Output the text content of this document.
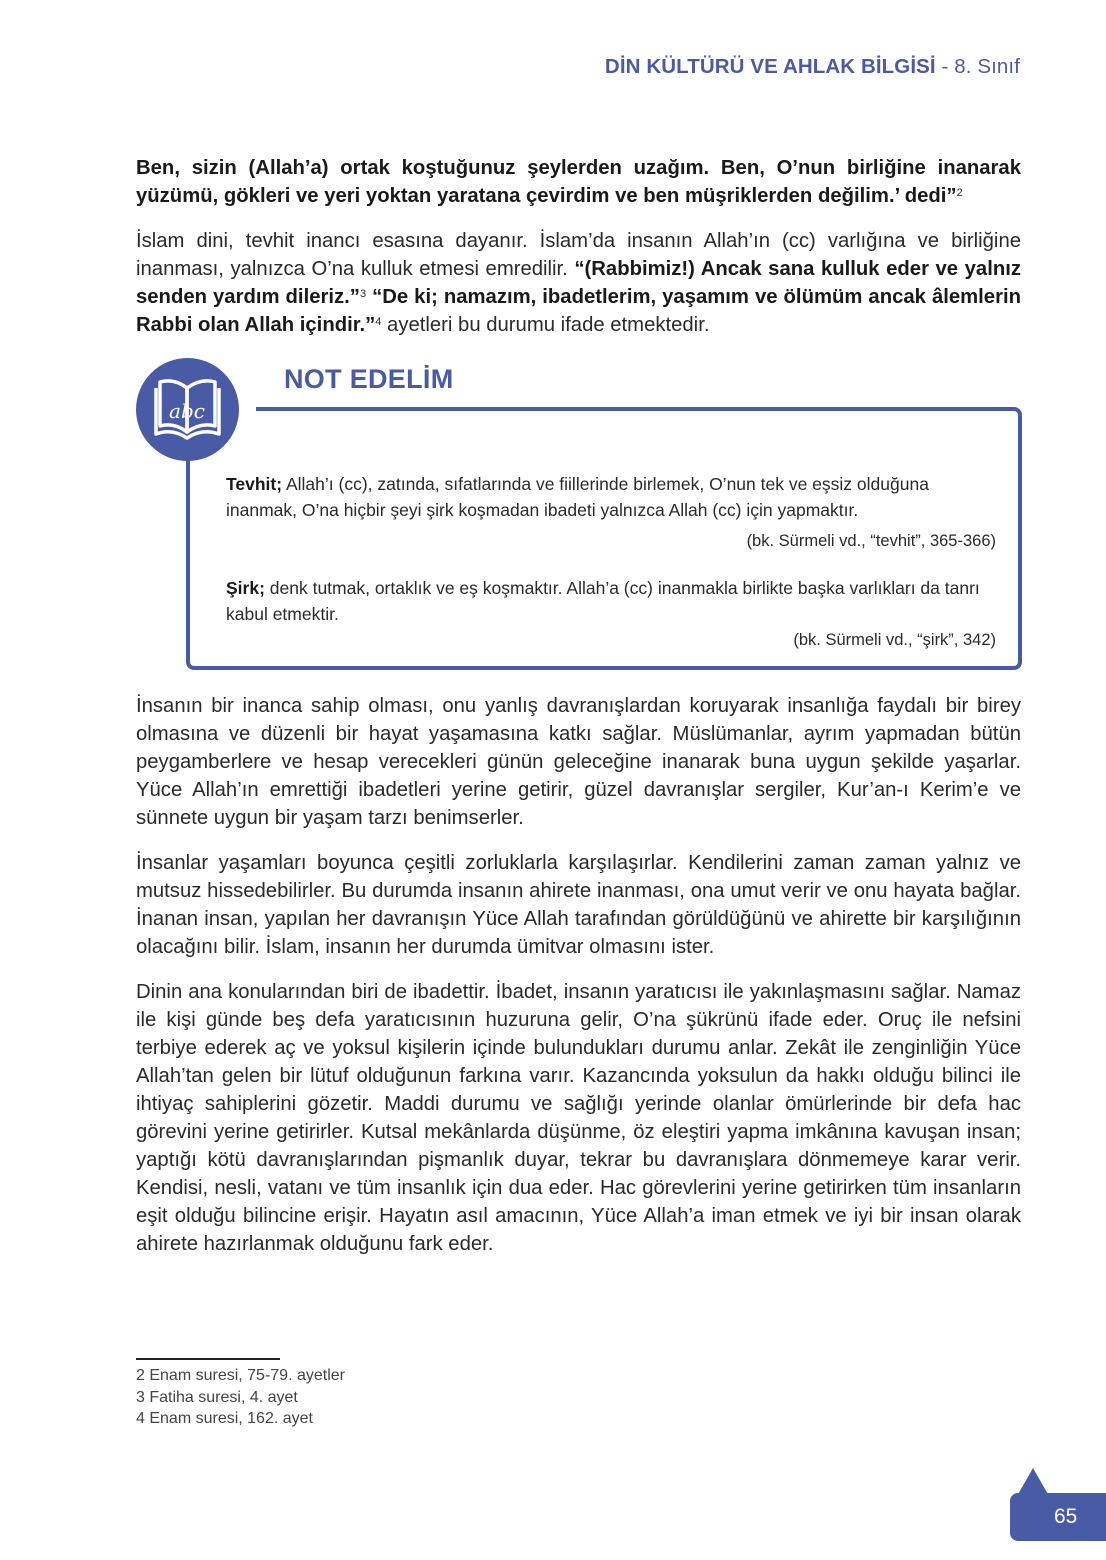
DİN KÜLTÜRÜ VE AHLAK BİLGİSİ - 8. Sınıf
Ben, sizin (Allah’a) ortak koştuğunuz şeylerden uzağım. Ben, O’nun birliğine inanarak yüzümü, gökleri ve yeri yoktan yaratana çevirdim ve ben müşriklerden değilim.’ dedi”$^2$
İslam dini, tevhit inancı esasına dayanır. İslam’da insanın Allah’ın (cc) varlığına ve birliğine inanması, yalnızca O’na kulluk etmesi emredilir. “(Rabbimiz!) Ancak sana kulluk eder ve yalnız senden yardım dileriz.”$^3$ “De ki; namazım, ibadetlerim, yaşamım ve ölümüm ancak âlemlerin Rabbi olan Allah içindir.”$^4$ ayetleri bu durumu ifade etmektedir.
Tevhit; Allah’ı (cc), zatında, sıfatlarında ve fiillerinde birlemek, O’nun tek ve eşsiz olduğuna inanmak, O’na hiçbir şeyi şirk koşmadan ibadeti yalnızca Allah (cc) için yapmaktır.
(bk. Sürmeli vd., “tevhit”, 365-366)
Şirk; denk tutmak, ortaklık ve eş koşmaktır. Allah’a (cc) inanmakla birlikte başka varlıkları da tanrı kabul etmektir.
(bk. Sürmeli vd., “şirk”, 342)
abc
NOT EDELİM
İnsanın bir inanca sahip olması, onu yanlış davranışlardan koruyarak insanlığa faydalı bir birey olmasına ve düzenli bir hayat yaşamasına katkı sağlar. Müslümanlar, ayrım yapmadan bütün peygamberlere ve hesap verecekleri günün geleceğine inanarak buna uygun şekilde yaşarlar. Yüce Allah’ın emrettiği ibadetleri yerine getirir, güzel davranışlar sergiler, Kur’an-ı Kerim’e ve sünnete uygun bir yaşam tarzı benimserler.
İnsanlar yaşamları boyunca çeşitli zorluklarla karşılaşırlar. Kendilerini zaman zaman yalnız ve mutsuz hissedebilirler. Bu durumda insanın ahirete inanması, ona umut verir ve onu hayata bağlar. İnanan insan, yapılan her davranışın Yüce Allah tarafından görüldüğünü ve ahirette bir karşılığının olacağını bilir. İslam, insanın her durumda ümitvar olmasını ister.
Dinin ana konularından biri de ibadettir. İbadet, insanın yaratıcısı ile yakınlaşmasını sağlar. Namaz ile kişi günde beş defa yaratıcısının huzuruna gelir, O’na şükrünü ifade eder. Oruç ile nefsini terbiye ederek aç ve yoksul kişilerin içinde bulundukları durumu anlar. Zekât ile zenginliğin Yüce Allah’tan gelen bir lütuf olduğunun farkına varır. Kazancında yoksulun da hakkı olduğu bilinci ile ihtiyaç sahiplerini gözetir. Maddi durumu ve sağlığı yerinde olanlar ömürlerinde bir defa hac görevini yerine getirirler. Kutsal mekânlarda düşünme, öz eleştiri yapma imkânına kavuşan insan; yaptığı kötü davranışlarından pişmanlık duyar, tekrar bu davranışlara dönmemeye karar verir. Kendisi, nesli, vatanı ve tüm insanlık için dua eder. Hac görevlerini yerine getirirken tüm insanların eşit olduğu bilincine erişir. Hayatın asıl amacının, Yüce Allah’a iman etmek ve iyi bir insan olarak ahirete hazırlanmak olduğunu fark eder.
2 Enam suresi, 75-79. ayetler
3 Fatiha suresi, 4. ayet
4 Enam suresi, 162. ayet
65
